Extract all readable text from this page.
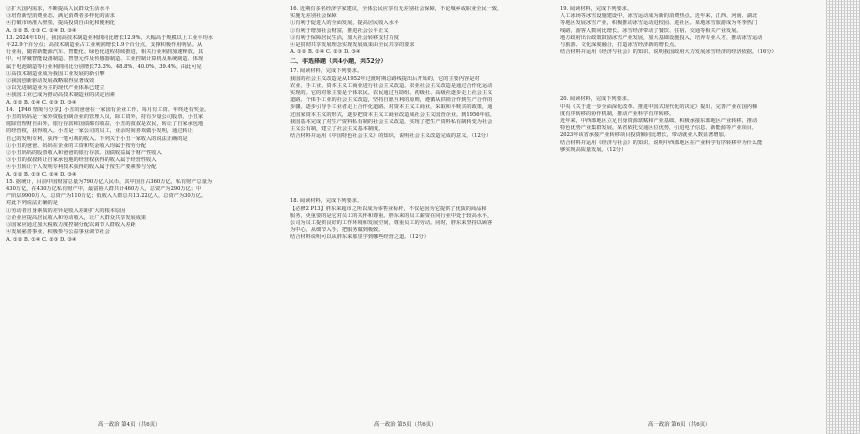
②扩大国内需求，不断提高人民群众生活水平
③培育新型消费业态，满足消费者多样化的需求
④打破市场准入壁垒，提高投资自由化和便利化
A. ①② B. ①③ C. ②④ D. ③④
13. 2024年10月，我国高技术制造业利润同比增长12.9%，大幅高于规模以上工业平均水
平22.9个百分点；高技术制造业占工业利润增长1.9个百分点，支撑积极作用明显。从
行业看，随着新能源汽车、智能化、绿色化进程持续推进，相关行业利润加速释放。其
中，可穿戴智能设备制造、智慧元件及传感器制造、工业控制计算机及系统制造、体现
属于电池制造等行业利润同比分别增长73.3%、48.8%、40.0%、39.4%。由此可见
①高技术制造业成为我国工业发展的新引擎
②我国创新驱动发展战略取得显著成效
③以先进制造业为主的现代产业体系已建立
④我国工业已成为推动高技术制造业的决定因素
A. ①② B. ①④ C. ②③ D. ③④
14. 【P46 情境与分享】小丑的爸爸在一家国有企业工作，每月有工资、年终还有奖金。
小丑的妈妈是一家外资股份制企业的管理人员，除工资外，持有少量公司股票。小丑家
庭除管理财自由外，银行存款和国债都有收益，小丑的叔叔是农民，转让了自家承包地
的经营权，获得收入。小丑是一家公司的员工，业余时间喜欢做小发明，通过转让
自己的发明专利，获得一笔可观的收入。下列关于小丑一家收入的说法正确的是
①小丑的爸爸、妈妈在企业的工资和奖金收入均属于按劳分配
②小丑妈妈的股票收入和爸爸的银行存款、国债收益属于财产性收入
③小丑的叔叔转让自家承包地的经营权获得的收入属于经营性收入
④小丑转让个人发明专利技术获得的收入属于按生产要素参与分配
A. ①② B. ①③ C. ②④ D. ③④
15. 据统计，目前中国财富总量为790万亿人民币，其中国自占360万亿，私有财产总量为
430万亿，在430万亿私有财产中，最富裕人群共计460万人，总资产为290万亿；中
产阶层9900万人，总资产为110万亿；低收入人群总共13.22亿人，总资产为30万亿。
对此下列说法正确的是
①劳动者自身素质的差异是收入差距扩大的根本原因
②企业应提高居民收入和劳动收入，让广大群众共享发展成果
③国家应通过加大税收力度控制分配以调节人群收入差距
④发展慈善事业，积极参与公益事业调节社会
A. ①② B. ①④ C. ②③ D. ③④
16. 近期有多名经济学家建议，全体公民应享有无差别社会保障，不论城乡或职业全民一致，
实施无差别社会保障
①有利于促进人的全面发展，提高居民收入水平
②有利于增加社会财富，推进社会公平正义
③有利于保障居民生活，加大社会转移支付力度
④是贯彻共享发展理念实现发展成果由全民共享的要求
A. ①② B. ①④ C. ②③ D. ③④
二、非选择题（共4小题，共52分）
17. 阅读材料，完成下列要求。
我国的社会主义改造是从1952年过渡时期总路线提出后开始的，它的主要内容是对
农业、手工业、资本主义工商业进行社会主义改造。农业社会主义改造是通过合作化运动
实现的。它的对象主要是个体农民。农民通过互助组、初级社、高级社逐步走上社会主义
道路。个体手工业的社会主义改造，坚持自愿互利的原则，遵循从供销合作到生产合作的
步骤，逐步引导手工业者走上合作化道路。对资本主义工商业，采取和平赎买的政策，通
过国家资本主义的形式，逐步把资本主义工商业改造成社会主义国营企业。到1956年底，
我国基本完成了对生产资料私有制的社会主义改造，实现了把生产资料私有制转变为社会
主义公有制，建立了社会主义基本制度。
结合材料并运用《中国特色社会主义》的知识，说明社会主义改造完成的意义。（12分）
18. 阅读材料，完成下列要求。
【必修2 P13】胖东来超市之所以成为零售业标杆，不仅是因为它提供了优质的商品和
服务，更重要的是它对员工的关怀和尊重。胖东来的员工薪资在同行业中处于较高水平，
公司为员工提供良好的工作环境和发展空间，尊重员工的劳动。同时，胖东来坚持以顾客
为中心，从细节入手，把服务做到极致。
结合材料说明可以从胖东来那里学到哪些经营之道。（12分）
19. 阅读材料，完成下列要求。
人工冰场等冰雪设施建设中，冰雪运动成为新的消费热点。近年来，江西、河南、湖北
等地区发展冰雪产业，积极推动冰雪运动进校园、进社区。某地冰雪旅游成为冬季热门
线路，游客人数同比增长。冰雪经济带动了餐饮、住宿、交通等相关产业发展。
地方政府出台政策鼓励冰雪产业发展，加大基础设施投入，培养专业人才，推动冰雪运动
与旅游、文化深度融合，打造冰雪经济新的增长点。
结合材料并运用《经济与社会》的知识，说明我国政府大力发展冰雪经济的经济依据。（16分）
20. 阅读材料，完成下列要求。
中央《关于进一步全面深化改革、推进中国式现代化的决定》提出，完善产业在国内梯
度有序转移的协作机制，推动产业科学有序转移。
近年来，中西部地区立足自身资源禀赋和产业基础，积极承接东部地区产业转移，推动
特色优势产业集群发展。某省依托交通区位优势，引进电子信息、新能源等产业项目，
2023年该省承接产业转移项目投资额同比增长，带动就业人数显著增加。
结合材料并运用《经济与社会》的知识，说明中西部地区在产业科学有序转移中为什么能
够实现高质量发展。（12分）
高一政治 第4页（共6页）	高一政治 第5页（共6页）	高一政治 第6页（共6页）
